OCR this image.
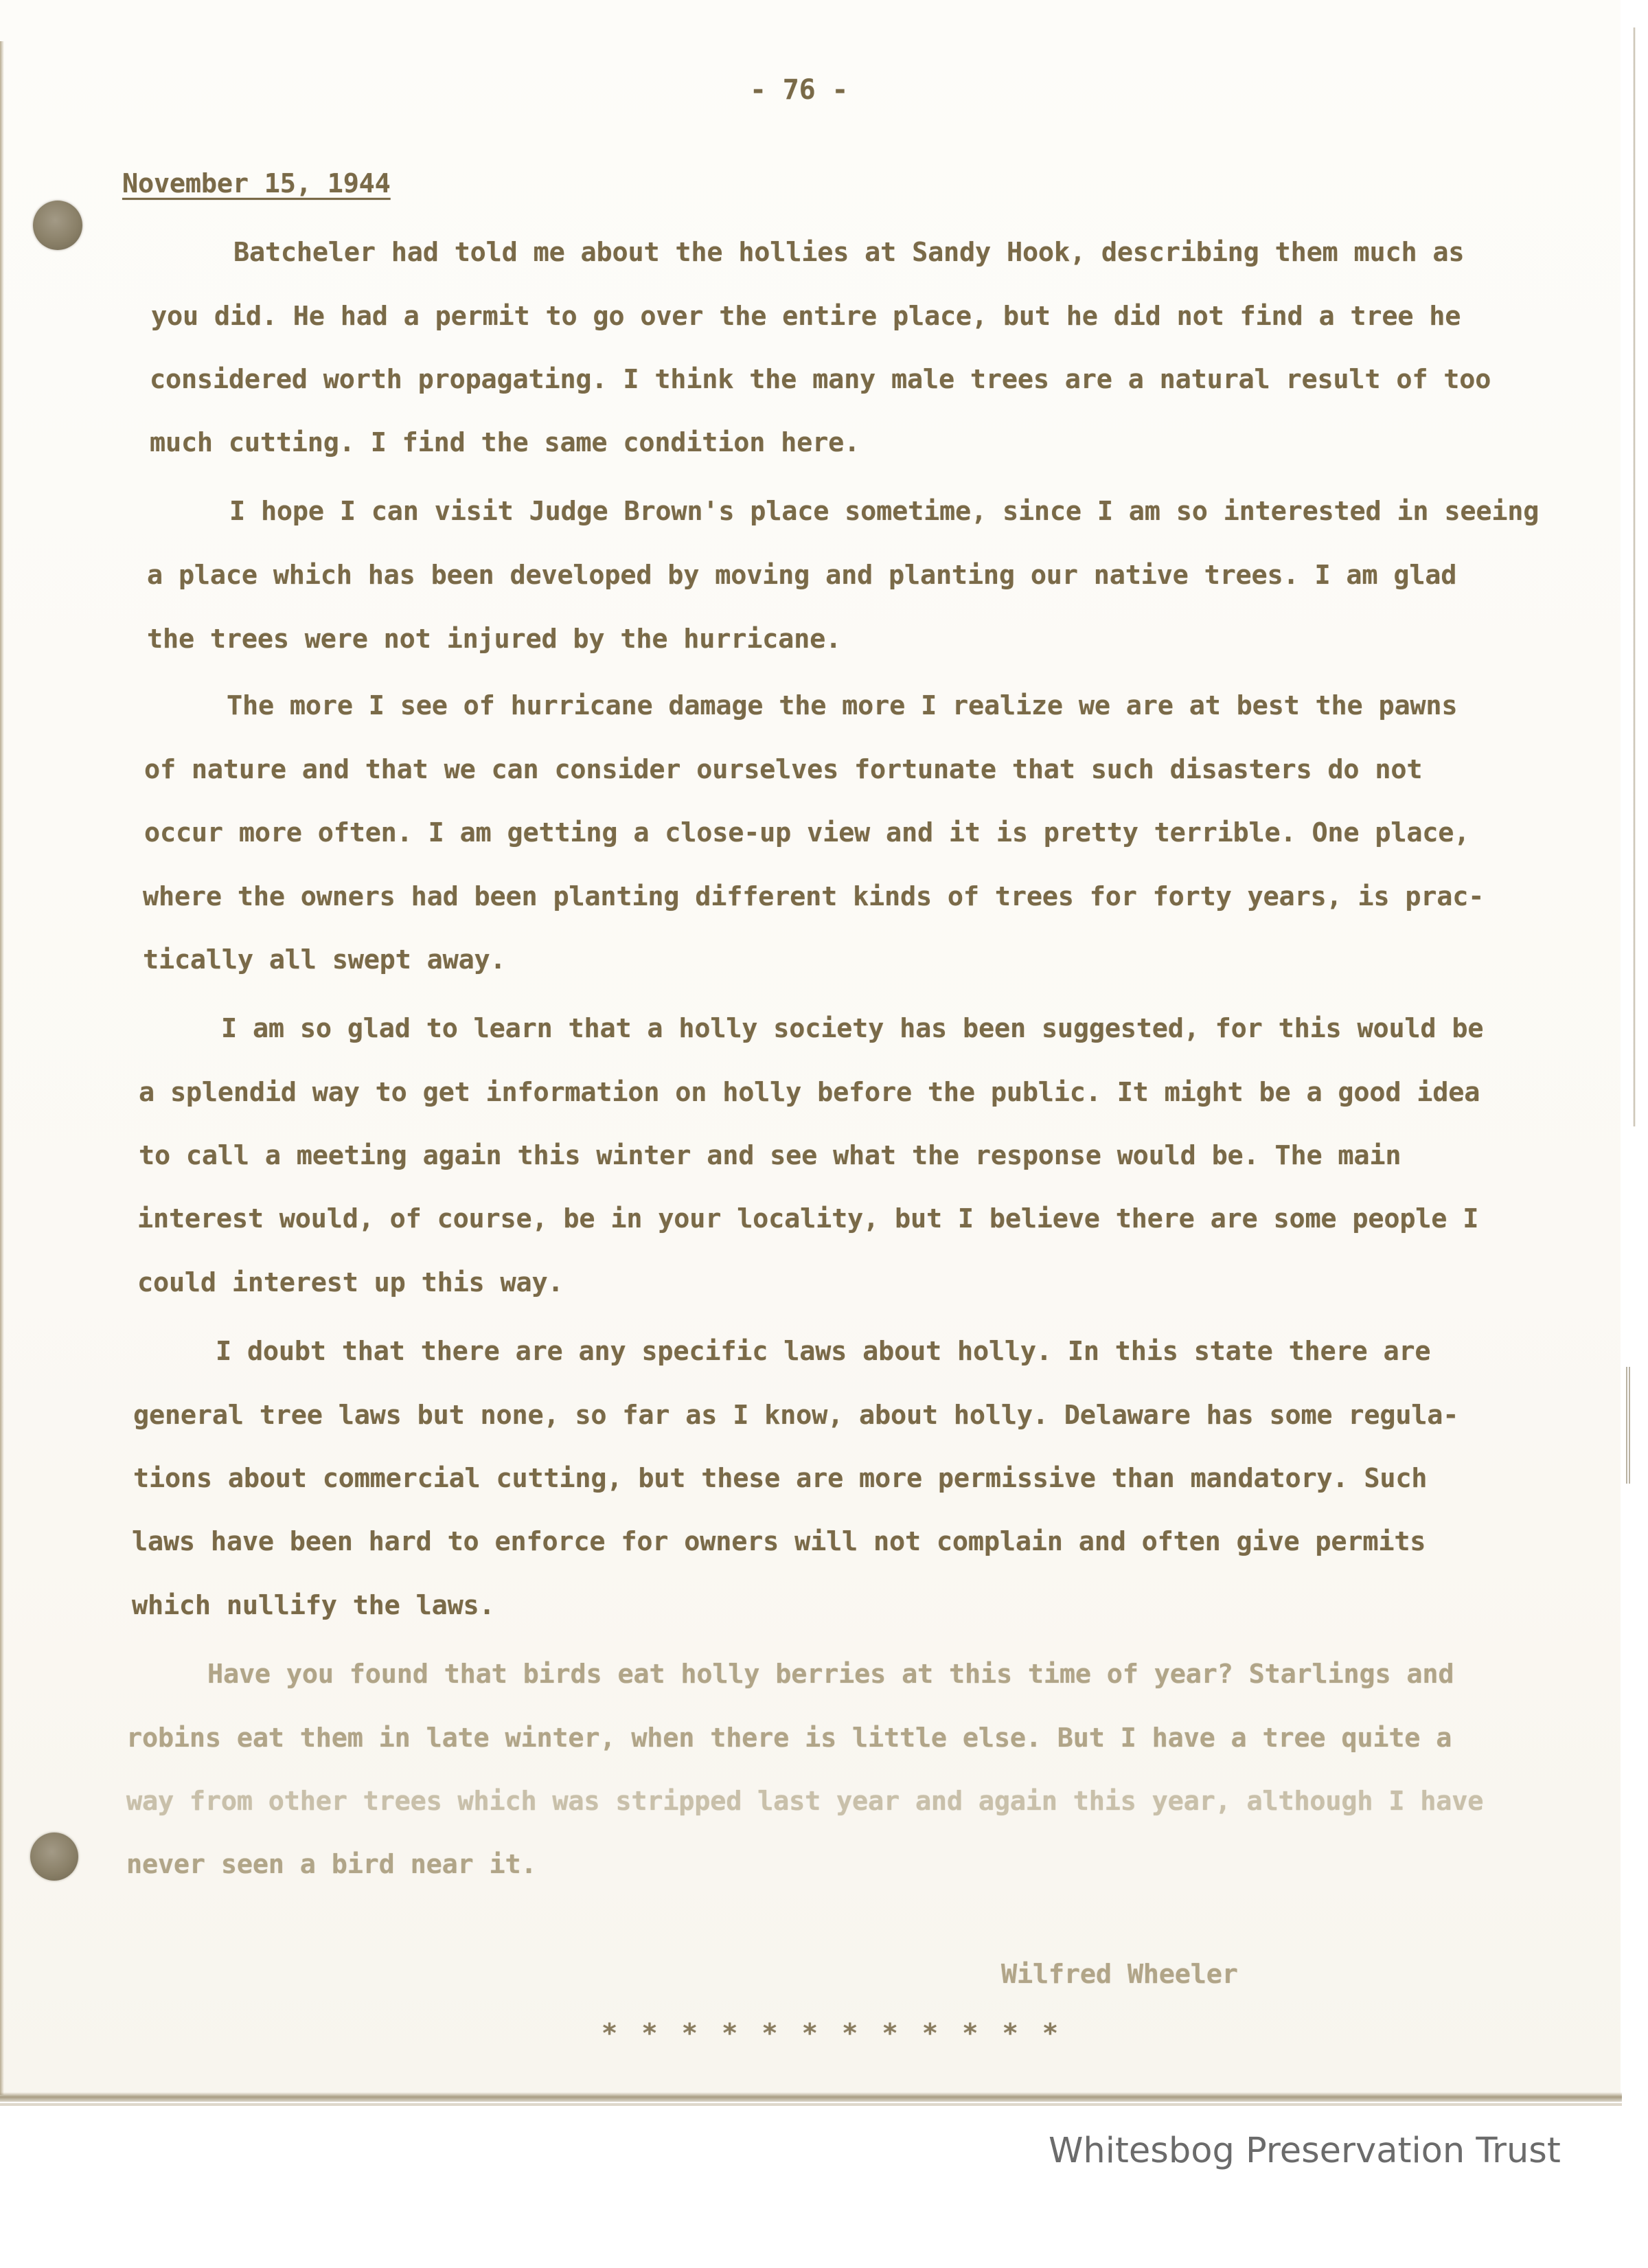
- 76 -

November 15, 1944

Batcheler had told me about the hollies at Sandy Hook, describing them much as

you did. He had a permit to go over the entire place, but he did not find a tree he

considered worth propagating. I think the many male trees are a natural result of too

much cutting. I find the same condition here.

I hope I can visit Judge Brown's place sometime, since I am so interested in seeing

a place which has been developed by moving and planting our native trees. I am glad

the trees were not injured by the hurricane.

The more I see of hurricane damage the more I realize we are at best the pawns

of nature and that we can consider ourselves fortunate that such disasters do not

occur more often. I am getting a close-up view and it is pretty terrible. One place,

where the owners had been planting different kinds of trees for forty years, is prac-

tically all swept away.

I am so glad to learn that a holly society has been suggested, for this would be

a splendid way to get information on holly before the public. It might be a good idea

to call a meeting again this winter and see what the response would be. The main

interest would, of course, be in your locality, but I believe there are some people I

could interest up this way.

I doubt that there are any specific laws about holly. In this state there are

general tree laws but none, so far as I know, about holly. Delaware has some regula-

tions about commercial cutting, but these are more permissive than mandatory. Such

laws have been hard to enforce for owners will not complain and often give permits

which nullify the laws.

Have you found that birds eat holly berries at this time of year? Starlings and

robins eat them in late winter, when there is little else. But I have a tree quite a

way from other trees which was stripped last year and again this year, although I have

never seen a bird near it.

Wilfred Wheeler

* * * * * * * * * * * *

Whitesbog Preservation Trust
